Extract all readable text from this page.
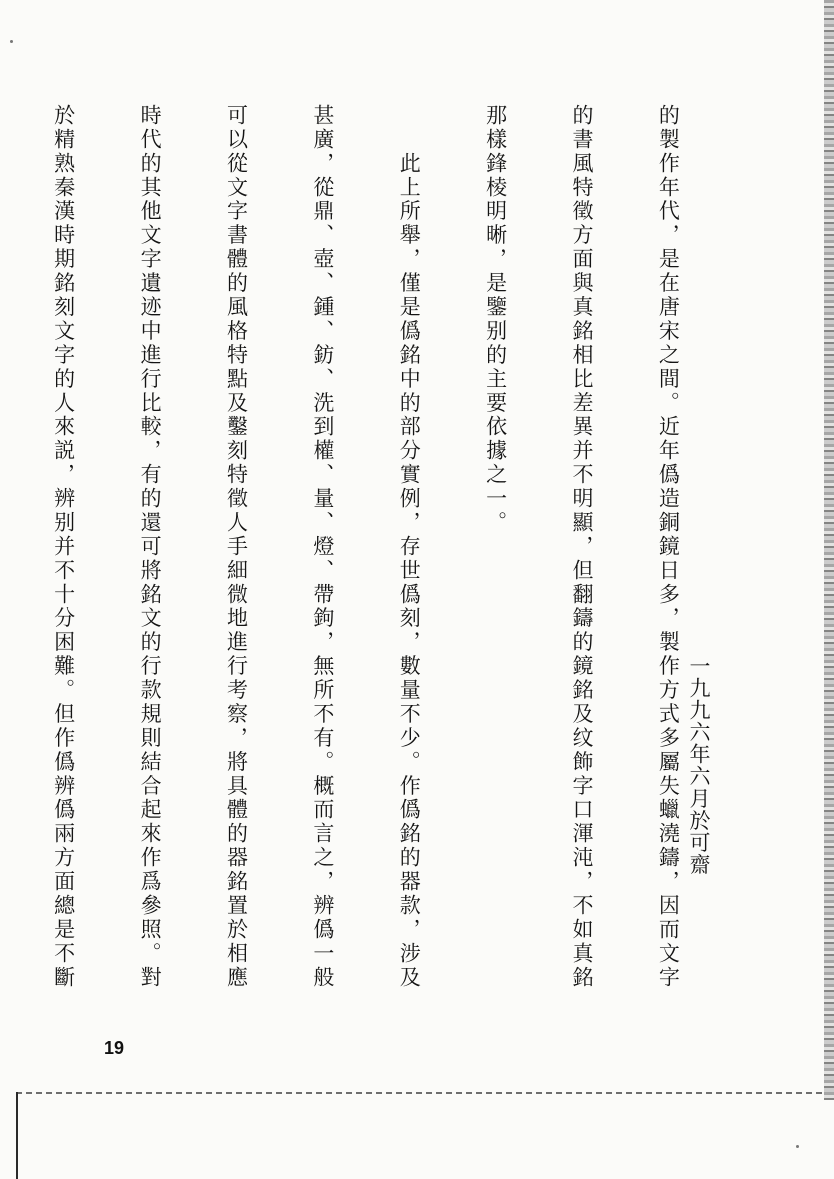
的製作年代，是在唐宋之間。近年僞造銅鏡日多，製作方式多屬失蠟澆鑄，因而文字

的書風特徵方面與真銘相比差異并不明顯，但翻鑄的鏡銘及纹飾字口渾沌，不如真銘

那樣鋒棱明晰，是鑒别的主要依據之一。

　　此上所舉，僅是僞銘中的部分實例，存世僞刻，數量不少。作僞銘的器款，涉及

甚廣，從鼎、壺、鍾、鈁、洗到權、量、燈、帶鉤，無所不有。概而言之，辨僞一般

可以從文字書體的風格特點及鑿刻特徵人手細微地進行考察，將具體的器銘置於相應

時代的其他文字遺迹中進行比較，有的還可將銘文的行款規則結合起來作爲參照。對

於精熟秦漢時期銘刻文字的人來説，辨别并不十分困難。但作僞辨僞兩方面總是不斷

	一九九六年六月於可齋
19
